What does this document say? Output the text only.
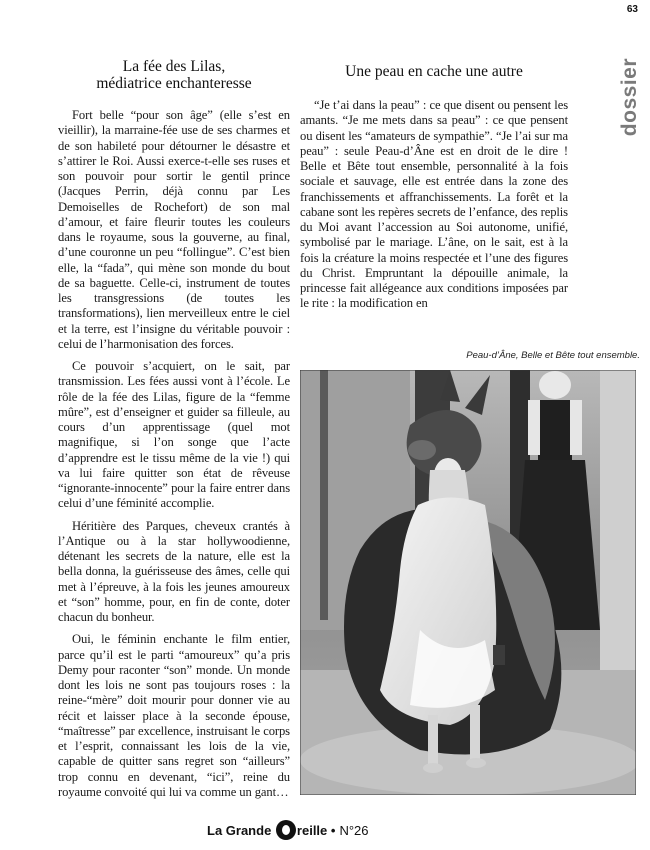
63
dossier
La fée des Lilas,
médiatrice enchanteresse

Fort belle “pour son âge” (elle s’est en vieillir), la marraine-fée use de ses charmes et de son habileté pour détourner le désastre et s’attirer le Roi. Aussi exerce-t-elle ses ruses et son pouvoir pour sortir le gentil prince (Jacques Perrin, déjà connu par Les Demoiselles de Rochefort) de son mal d’amour, et faire fleurir toutes les couleurs dans le royaume, sous la gouverne, au final, d’une couronne un peu “follingue”. C’est bien elle, la “fada”, qui mène son monde du bout de sa baguette. Celle-ci, instrument de toutes les transgressions (de toutes les transformations), lien merveilleux entre le ciel et la terre, est l’insigne du véritable pouvoir : celui de l’harmonisation des forces.

Ce pouvoir s’acquiert, on le sait, par transmission. Les fées aussi vont à l’école. Le rôle de la fée des Lilas, figure de la “femme mûre”, est d’enseigner et guider sa filleule, au cours d’un apprentissage (quel mot magnifique, si l’on songe que l’acte d’apprendre est le tissu même de la vie !) qui va lui faire quitter son état de rêveuse “ignorante-innocente” pour la faire entrer dans celui d’une féminité accomplie.

Héritière des Parques, cheveux crantés à l’Antique ou à la star hollywoodienne, détenant les secrets de la nature, elle est la bella donna, la guérisseuse des âmes, celle qui met à l’épreuve, à la fois les jeunes amoureux et “son” homme, pour, en fin de conte, doter chacun du bonheur.

Oui, le féminin enchante le film entier, parce qu’il est le parti “amoureux” qu’a pris Demy pour raconter “son” monde. Un monde dont les lois ne sont pas toujours roses : la reine-“mère” doit mourir pour donner vie au récit et laisser place à la seconde épouse, “maîtresse” par excellence, instruisant le corps et l’esprit, connaissant les lois de la vie, capable de quitter sans regret son “ailleurs” trop connu en devenant, “ici”, reine du royaume convoité qui lui va comme un gant…

Une peau en cache une autre

“Je t’ai dans la peau” : ce que disent ou pensent les amants. “Je me mets dans sa peau” : ce que pensent ou disent les “amateurs de sympathie”. “Je l’ai sur ma peau” : seule Peau-d’Âne est en droit de le dire ! Belle et Bête tout ensemble, personnalité à la fois sociale et sauvage, elle est entrée dans la zone des franchissements et affranchissements. La forêt et la cabane sont les repères secrets de l’enfance, des replis du Moi avant l’accession au Soi autonome, unifié, symbolisé par le mariage. L’âne, on le sait, est à la fois la créature la moins respectée et l’une des figures du Christ. Empruntant la dépouille animale, la princesse fait allégeance aux conditions imposées par le rite : la modification en

Peau-d’Âne, Belle et Bête tout ensemble.
La Grande
reille
• N°26
